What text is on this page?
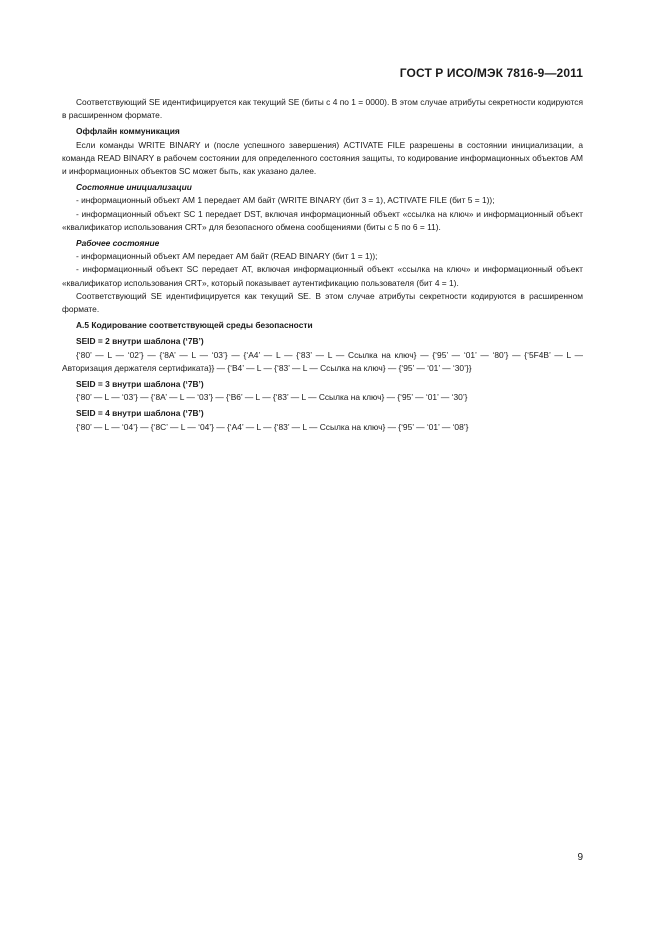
ГОСТ Р ИСО/МЭК 7816-9—2011

Соответствующий SE идентифицируется как текущий SE (биты с 4 по 1 = 0000). В этом случае атрибуты секретности кодируются в расширенном формате.

Оффлайн коммуникация

Если команды WRITE BINARY и (после успешного завершения) ACTIVATE FILE разрешены в состоянии инициализации, а команда READ BINARY в рабочем состоянии для определенного состояния защиты, то кодирование информационных объектов АМ и информационных объектов SC может быть, как указано далее.

Состояние инициализации

- информационный объект АМ 1 передает АМ байт (WRITE BINARY (бит 3 = 1), ACTIVATE FILE (бит 5 = 1));

- информационный объект SC 1 передает DST, включая информационный объект «ссылка на ключ» и информационный объект «квалификатор использования CRT» для безопасного обмена сообщениями (биты с 5 по 6 = 11).

Рабочее состояние

- информационный объект АМ передает АМ байт (READ BINARY (бит 1 = 1));

- информационный объект SC передает АТ, включая информационный объект «ссылка на ключ» и информационный объект «квалификатор использования CRT», который показывает аутентификацию пользователя (бит 4 = 1).

Соответствующий SE идентифицируется как текущий SE. В этом случае атрибуты секретности кодируются в расширенном формате.

А.5 Кодирование соответствующей среды безопасности

SEID = 2 внутри шаблона (‘7В’)

{‘80’ — L — ‘02’} — {‘8А’ — L — ‘03’} — {‘А4’ — L — {‘83’ — L — Ссылка на ключ} — {‘95’ — ‘01’ — ‘80’} — {‘5F4В’ — L — Авторизация держателя сертификата}} — {‘В4’ — L — {‘83’ — L — Ссылка на ключ} — {‘95’ — ‘01’ — ‘30’}}

SEID = 3 внутри шаблона (‘7В’)

{‘80’ — L — ‘03’} — {‘8А’ — L — ‘03’} — {‘В6’ — L — {‘83’ — L — Ссылка на ключ} — {‘95’ — ‘01’ — ‘30’}

SEID = 4 внутри шаблона (‘7В’)

{‘80’ — L — ‘04’} — {‘8С’ — L — ‘04’} — {‘А4’ — L — {‘83’ — L — Ссылка на ключ} — {‘95’ — ‘01’ — ‘08’}

9
